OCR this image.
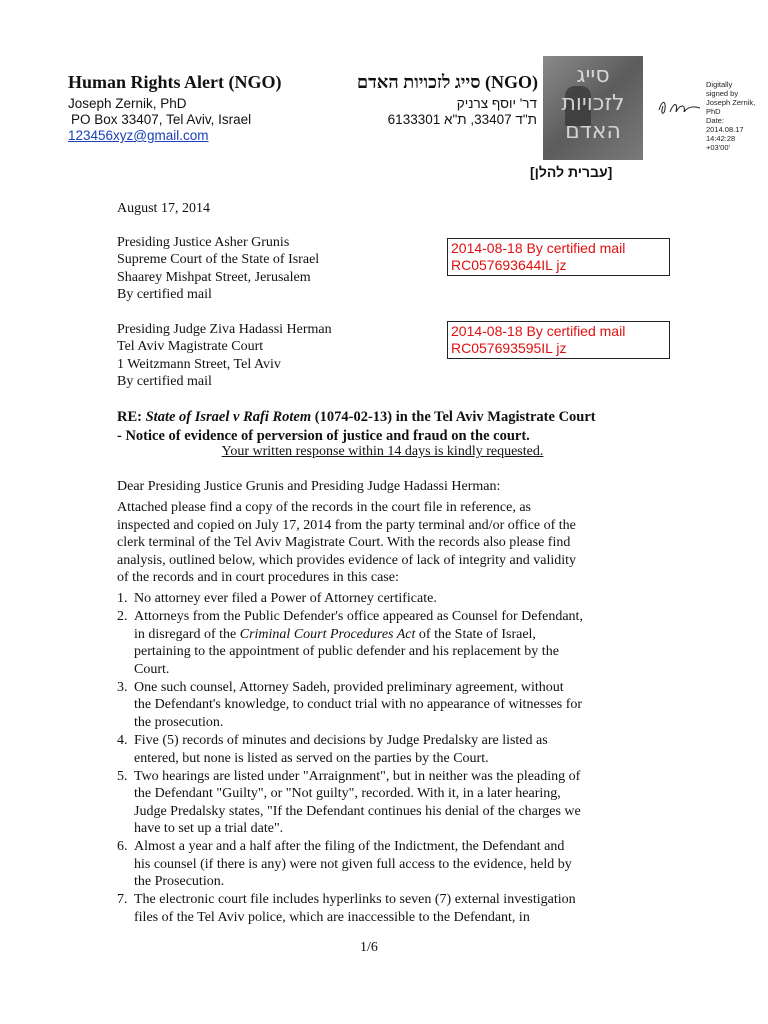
Human Rights Alert (NGO)	(NGO) סייג לזכויות האדם
Joseph Zernik, PhD
PO Box 33407, Tel Aviv, Israel
123456xyz@gmail.com
דר' יוסף צרניק
ת"ד 33407, ת"א 6133301
סייג לזכויות האדם
Digitally
signed by
Joseph Zernik,
PhD
Date:
2014.08.17
14:42:28
+03'00'
[עברית להלן]
August 17, 2014
Presiding Justice Asher Grunis
Supreme Court of the State of Israel
Shaarey Mishpat Street, Jerusalem
By certified mail
2014-08-18 By certified mail
RC057693644IL jz
Presiding Judge Ziva Hadassi Herman
Tel Aviv Magistrate Court
1 Weitzmann Street, Tel Aviv
By certified mail
2014-08-18 By certified mail
RC057693595IL jz
RE: State of Israel v Rafi Rotem (1074-02-13) in the Tel Aviv Magistrate Court
- Notice of evidence of perversion of justice and fraud on the court.
Your written response within 14 days is kindly requested.
Dear Presiding Justice Grunis and Presiding Judge Hadassi Herman:
Attached please find a copy of the records in the court file in reference, as
inspected and copied on July 17, 2014 from the party terminal and/or office of the
clerk terminal of the Tel Aviv Magistrate Court. With the records also please find
analysis, outlined below, which provides evidence of lack of integrity and validity
of the records and in court procedures in this case:
1. No attorney ever filed a Power of Attorney certificate.
2. Attorneys from the Public Defender's office appeared as Counsel for Defendant,
in disregard of the Criminal Court Procedures Act of the State of Israel,
pertaining to the appointment of public defender and his replacement by the
Court.
3. One such counsel, Attorney Sadeh, provided preliminary agreement, without
the Defendant's knowledge, to conduct trial with no appearance of witnesses for
the prosecution.
4. Five (5) records of minutes and decisions by Judge Predalsky are listed as
entered, but none is listed as served on the parties by the Court.
5. Two hearings are listed under "Arraignment", but in neither was the pleading of
the Defendant "Guilty", or "Not guilty", recorded. With it, in a later hearing,
Judge Predalsky states, "If the Defendant continues his denial of the charges we
have to set up a trial date".
6. Almost a year and a half after the filing of the Indictment, the Defendant and
his counsel (if there is any) were not given full access to the evidence, held by
the Prosecution.
7. The electronic court file includes hyperlinks to seven (7) external investigation
files of the Tel Aviv police, which are inaccessible to the Defendant, in
1/6
